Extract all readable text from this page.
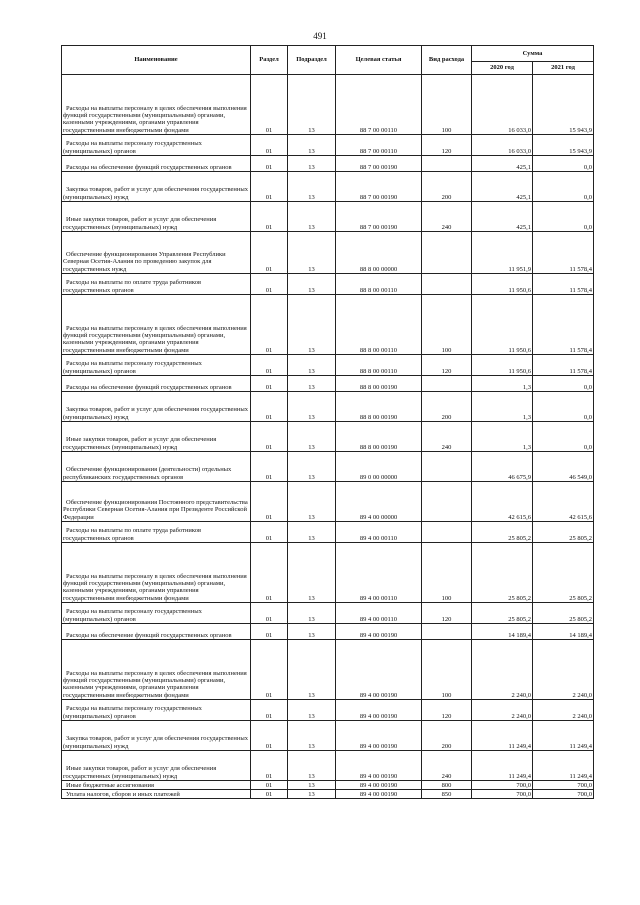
491
Наименование	Раздел	Подраздел	Целевая статья	Вид расхода	Сумма	
					2020 год	2021 год

Расходы на выплаты персоналу в целях обеспечения выполнения функций государственными (муниципальными) органами, казенными учреждениями, органами управления государственными внебюджетными фондами	01	13	88 7 00 00110	100	16 033,0	15 943,9

Расходы на выплаты персоналу государственных (муниципальных) органов	01	13	88 7 00 00110	120	16 033,0	15 943,9

Расходы на обеспечение функций государственных органов	01	13	88 7 00 00190		425,1	0,0

Закупка товаров, работ и услуг для обеспечения государственных (муниципальных) нужд	01	13	88 7 00 00190	200	425,1	0,0

Иные закупки товаров, работ и услуг для обеспечения государственных (муниципальных) нужд	01	13	88 7 00 00190	240	425,1	0,0

Обеспечение функционирования Управления Республики Северная Осетия-Алания по проведению закупок для государственных нужд	01	13	88 8 00 00000		11 951,9	11 578,4

Расходы на выплаты по оплате труда работников государственных органов	01	13	88 8 00 00110		11 950,6	11 578,4

Расходы на выплаты персоналу в целях обеспечения выполнения функций государственными (муниципальными) органами, казенными учреждениями, органами управления государственными внебюджетными фондами	01	13	88 8 00 00110	100	11 950,6	11 578,4

Расходы на выплаты персоналу государственных (муниципальных) органов	01	13	88 8 00 00110	120	11 950,6	11 578,4

Расходы на обеспечение функций государственных органов	01	13	88 8 00 00190		1,3	0,0

Закупка товаров, работ и услуг для обеспечения государственных (муниципальных) нужд	01	13	88 8 00 00190	200	1,3	0,0

Иные закупки товаров, работ и услуг для обеспечения государственных (муниципальных) нужд	01	13	88 8 00 00190	240	1,3	0,0

Обеспечение функционирования (деятельности) отдельных республиканских государственных органов	01	13	89 0 00 00000		46 675,9	46 549,0

Обеспечение функционирования Постоянного представительства Республики Северная Осетия-Алания при Президенте Российской Федерации	01	13	89 4 00 00000		42 615,6	42 615,6

Расходы на выплаты по оплате труда работников государственных органов	01	13	89 4 00 00110		25 805,2	25 805,2

Расходы на выплаты персоналу в целях обеспечения выполнения функций государственными (муниципальными) органами, казенными учреждениями, органами управления государственными внебюджетными фондами	01	13	89 4 00 00110	100	25 805,2	25 805,2

Расходы на выплаты персоналу государственных (муниципальных) органов	01	13	89 4 00 00110	120	25 805,2	25 805,2

Расходы на обеспечение функций государственных органов	01	13	89 4 00 00190		14 189,4	14 189,4

Расходы на выплаты персоналу в целях обеспечения выполнения функций государственными (муниципальными) органами, казенными учреждениями, органами управления государственными внебюджетными фондами	01	13	89 4 00 00190	100	2 240,0	2 240,0

Расходы на выплаты персоналу государственных (муниципальных) органов	01	13	89 4 00 00190	120	2 240,0	2 240,0

Закупка товаров, работ и услуг для обеспечения государственных (муниципальных) нужд	01	13	89 4 00 00190	200	11 249,4	11 249,4

Иные закупки товаров, работ и услуг для обеспечения государственных (муниципальных) нужд	01	13	89 4 00 00190	240	11 249,4	11 249,4

Иные бюджетные ассигнования	01	13	89 4 00 00190	800	700,0	700,0

Уплата налогов, сборов и иных платежей	01	13	89 4 00 00190	850	700,0	700,0
